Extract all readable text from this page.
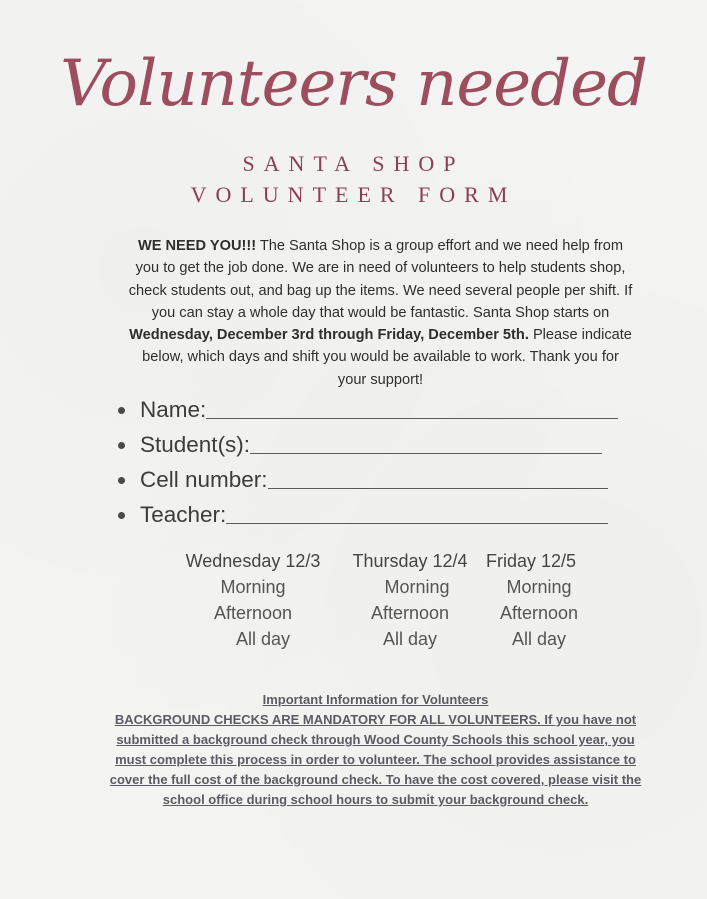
Volunteers needed
SANTA SHOP
VOLUNTEER FORM
WE NEED YOU!!! The Santa Shop is a group effort and we need help from you to get the job done. We are in need of volunteers to help students shop, check students out, and bag up the items. We need several people per shift. If you can stay a whole day that would be fantastic. Santa Shop starts on Wednesday, December 3rd through Friday, December 5th. Please indicate below, which days and shift you would be available to work. Thank you for your support!
Name:
Student(s):
Cell number:
Teacher:
Wednesday 12/3
Morning
Afternoon
All day
Thursday 12/4
Morning
Afternoon
All day
Friday 12/5
Morning
Afternoon
All day
Important Information for Volunteers
BACKGROUND CHECKS ARE MANDATORY FOR ALL VOLUNTEERS. If you have not submitted a background check through Wood County Schools this school year, you must complete this process in order to volunteer. The school provides assistance to cover the full cost of the background check. To have the cost covered, please visit the school office during school hours to submit your background check.
